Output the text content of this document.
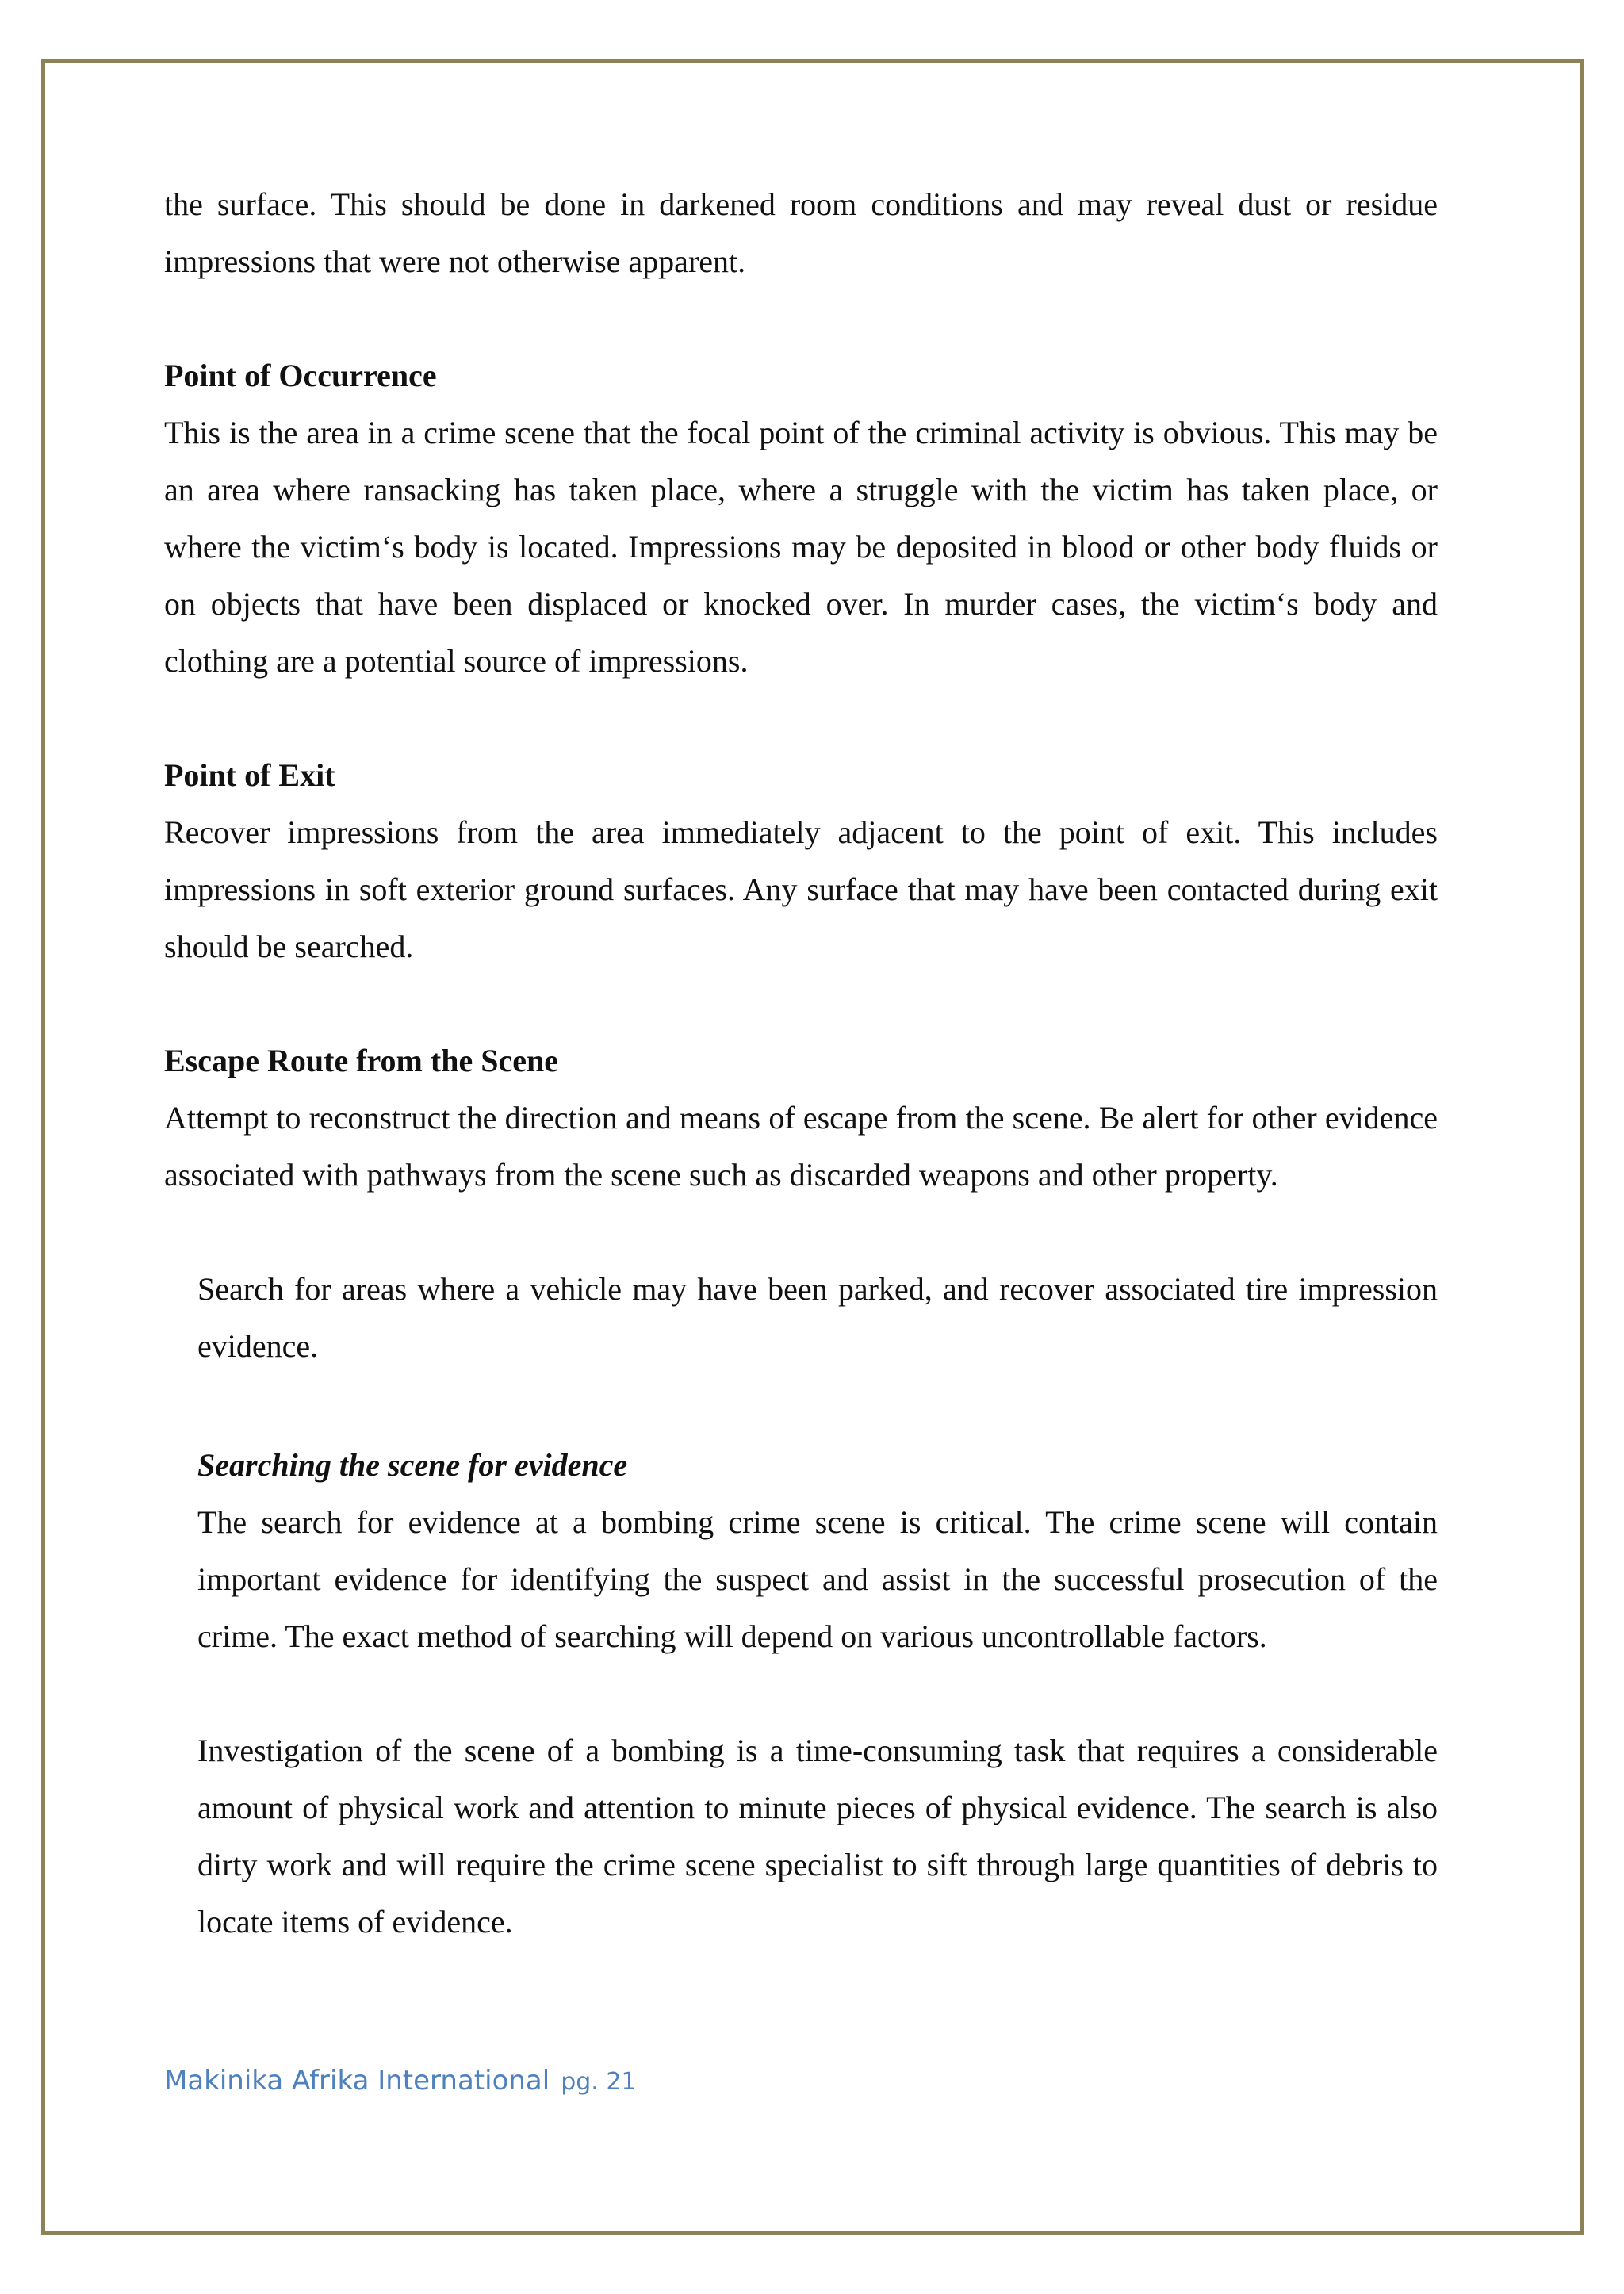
the surface. This should be done in darkened room conditions and may reveal dust or residue impressions that were not otherwise apparent.

Point of Occurrence

This is the area in a crime scene that the focal point of the criminal activity is obvious. This may be an area where ransacking has taken place, where a struggle with the victim has taken place, or where the victim‘s body is located. Impressions may be deposited in blood or other body fluids or on objects that have been displaced or knocked over. In murder cases, the victim‘s body and clothing are a potential source of impressions.

Point of Exit

Recover impressions from the area immediately adjacent to the point of exit. This includes impressions in soft exterior ground surfaces. Any surface that may have been contacted during exit should be searched.

Escape Route from the Scene

Attempt to reconstruct the direction and means of escape from the scene. Be alert for other evidence associated with pathways from the scene such as discarded weapons and other property.

Search for areas where a vehicle may have been parked, and recover associated tire impression evidence.

Searching the scene for evidence

The search for evidence at a bombing crime scene is critical. The crime scene will contain important evidence for identifying the suspect and assist in the successful prosecution of the crime. The exact method of searching will depend on various uncontrollable factors.

Investigation of the scene of a bombing is a time-consuming task that requires a considerable amount of physical work and attention to minute pieces of physical evidence. The search is also dirty work and will require the crime scene specialist to sift through large quantities of debris to locate items of evidence.

Makinika Afrika International pg. 21
